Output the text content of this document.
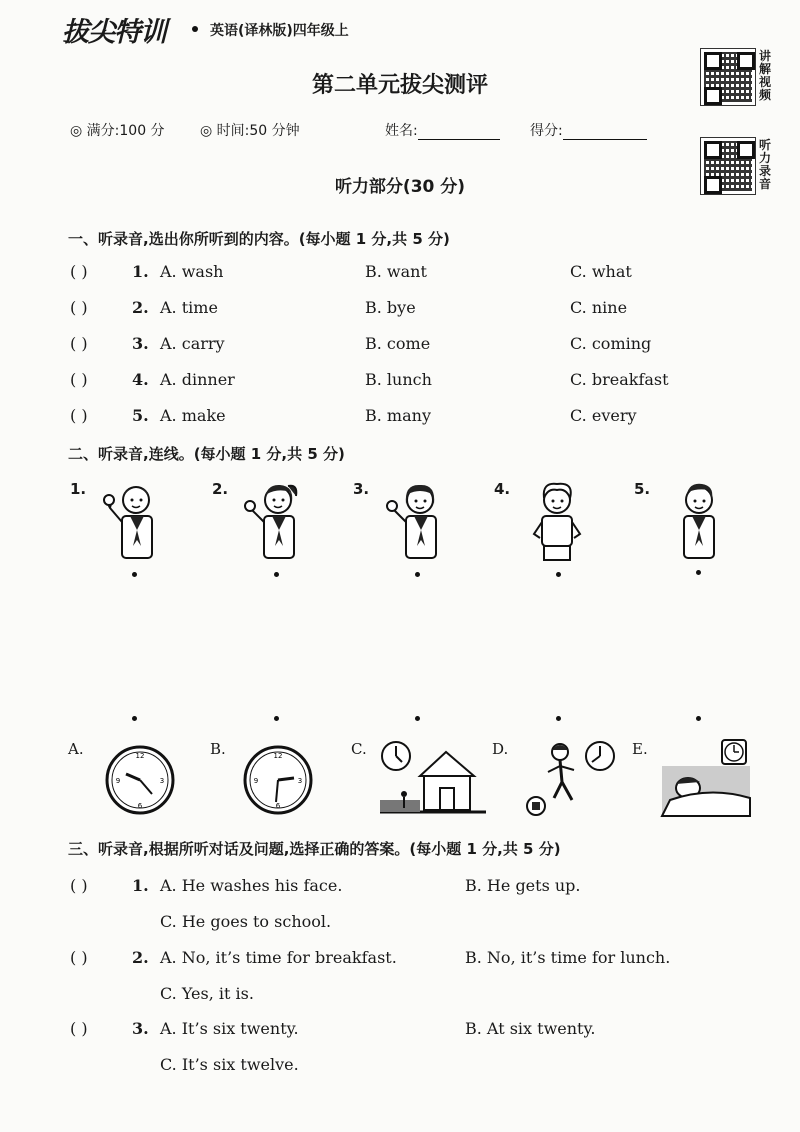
拔尖特训	英语(译林版)四年级上
讲解视频
听力录音
第二单元拔尖测评
◎ 满分:100 分	◎ 时间:50 分钟	姓名:	得分:
听力部分(30 分)
一、听录音,选出你所听到的内容。(每小题 1 分,共 5 分)
( )	1. A. wash	B. want	C. what
( )	2. A. time	B. bye	C. nine
( )	3. A. carry	B. come	C. coming
( )	4. A. dinner	B. lunch	C. breakfast
( )	5. A. make	B. many	C. every
二、听录音,连线。(每小题 1 分,共 5 分)
1.	2.	3.	4.	5.
A.	B.	C.	D.	E.
12
3
6
9
12
3
6
9
三、听录音,根据所听对话及问题,选择正确的答案。(每小题 1 分,共 5 分)
( )	1. A. He washes his face.	B. He gets up.
C. He goes to school.
( )	2. A. No, it’s time for breakfast.	B. No, it’s time for lunch.
C. Yes, it is.
( )	3. A. It’s six twenty.	B. At six twenty.
C. It’s six twelve.
